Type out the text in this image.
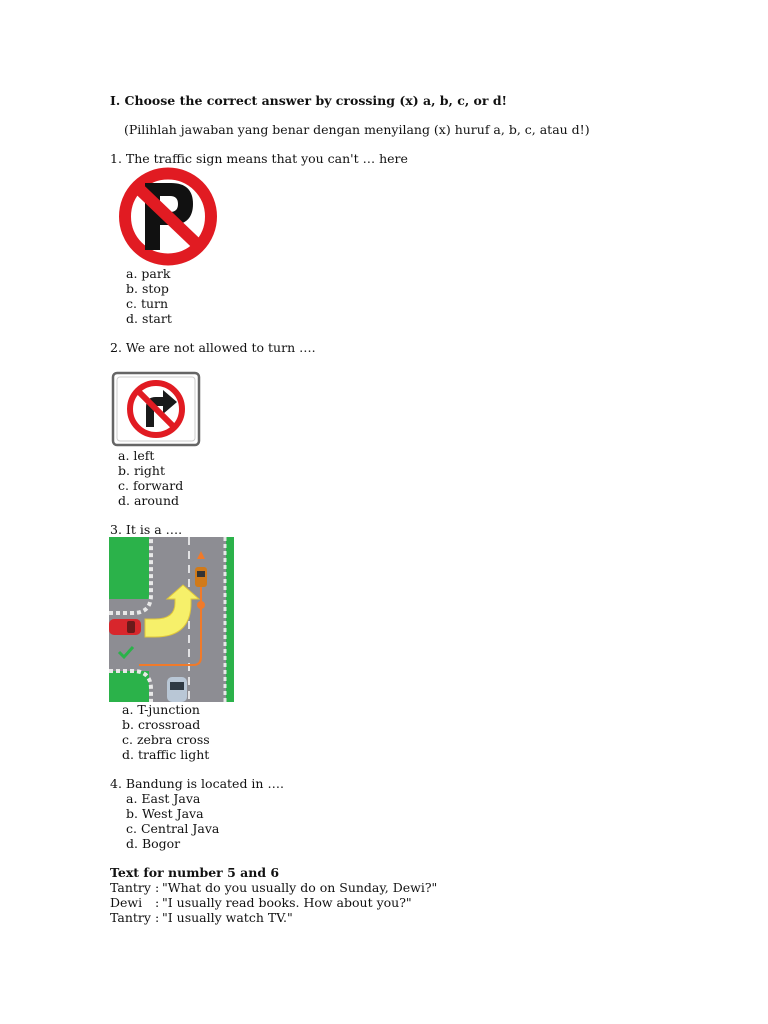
I. Choose the correct answer by crossing (x) a, b, c, or d!
(Pilihlah jawaban yang benar dengan menyilang (x) huruf a, b, c, atau d!)
1. The traffic sign means that you can't … here
a. park
b. stop
c. turn
d. start
2. We are not allowed to turn ….
a. left
b. right
c. forward
d. around
3. It is a ….
a. T-junction
b. crossroad
c. zebra cross
d. traffic light
4. Bandung is located in ….
a. East Java
b. West Java
c. Central Java
d. Bogor
Text for number 5 and 6
Tantry : "What do you usually do on Sunday, Dewi?"
Dewi : "I usually read books. How about you?"
Tantry : "I usually watch TV."
